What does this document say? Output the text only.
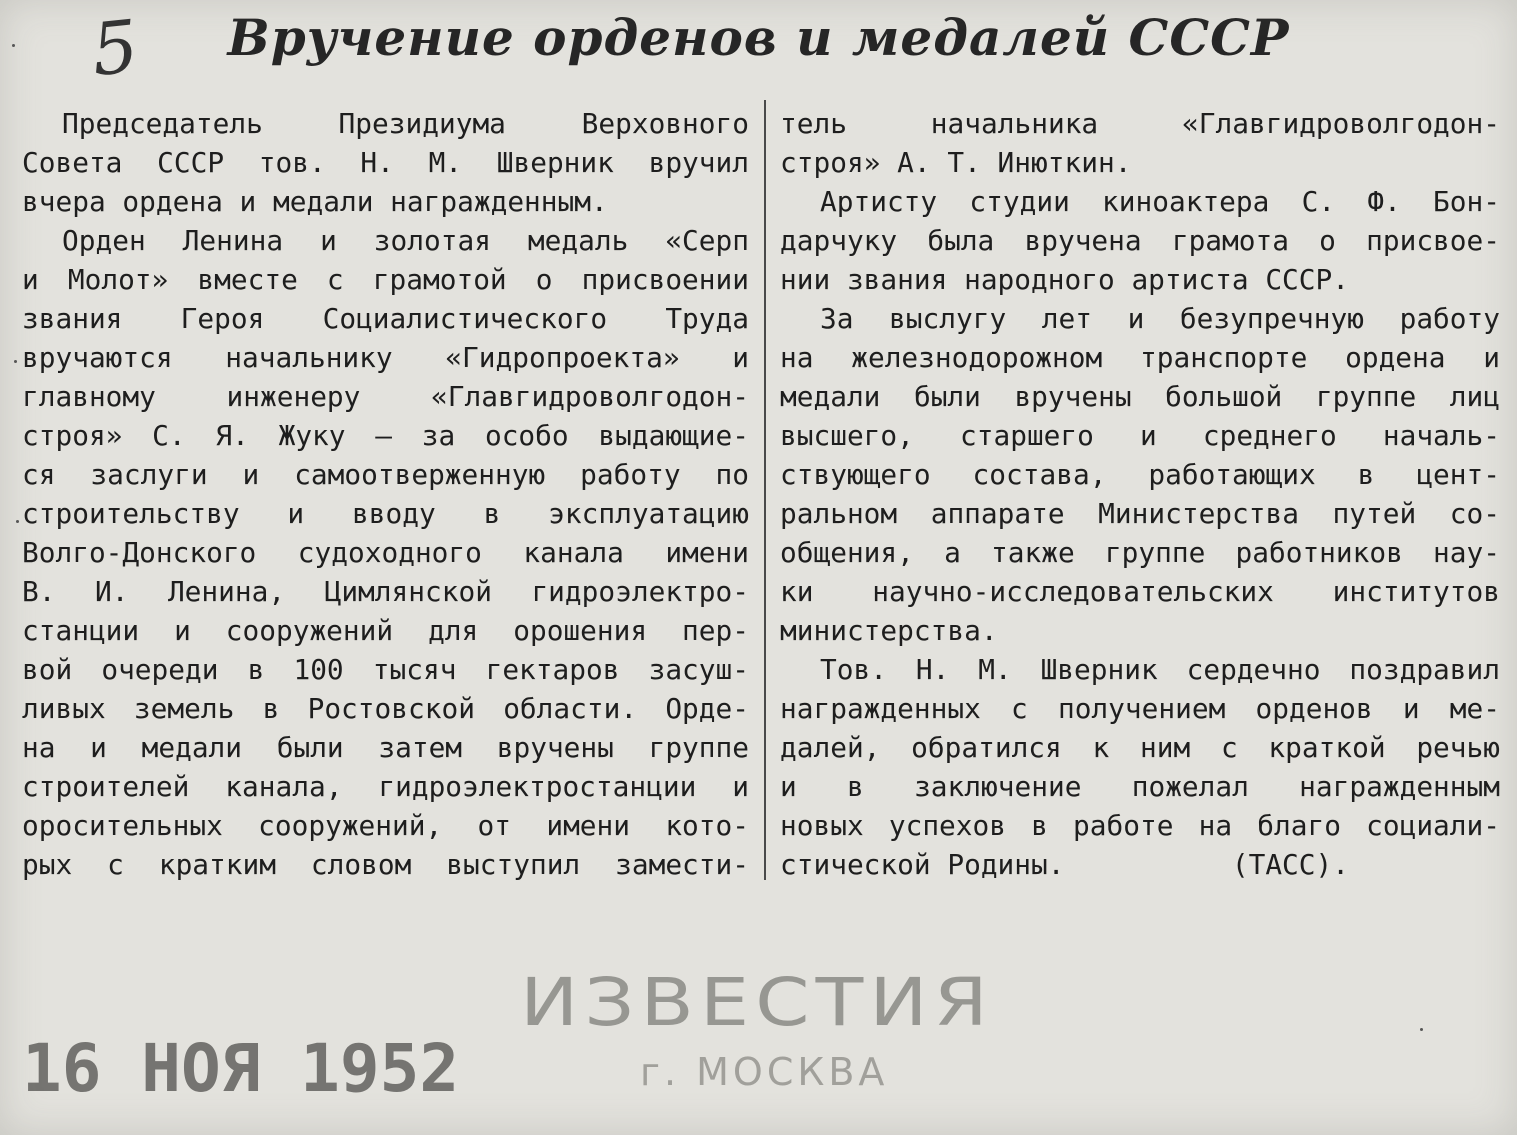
5	Вручение орденов и медалей СССР
Председатель Президиума Верховного
Совета СССР тов. Н. М. Шверник вручил
вчера ордена и медали награжденным.
Орден Ленина и золотая медаль «Серп
и Молот» вместе с грамотой о присвоении
звания Героя Социалистического Труда
вручаются начальнику «Гидропроекта» и
главному инженеру «Главгидроволгодон-
строя» С. Я. Жуку — за особо выдающие-
ся заслуги и самоотверженную работу по
строительству и вводу в эксплуатацию
Волго-Донского судоходного канала имени
В. И. Ленина, Цимлянской гидроэлектро-
станции и сооружений для орошения пер-
вой очереди в 100 тысяч гектаров засуш-
ливых земель в Ростовской области. Орде-
на и медали были затем вручены группе
строителей канала, гидроэлектростанции и
оросительных сооружений, от имени кото-
рых с кратким словом выступил замести-
тель начальника «Главгидроволгодон-
строя» А. Т. Инюткин.
Артисту студии киноактера С. Ф. Бон-
дарчуку была вручена грамота о присвое-
нии звания народного артиста СССР.
За выслугу лет и безупречную работу
на железнодорожном транспорте ордена и
медали были вручены большой группе лиц
высшего, старшего и среднего началь-
ствующего состава, работающих в цент-
ральном аппарате Министерства путей со-
общения, а также группе работников нау-
ки научно-исследовательских институтов
министерства.
Тов. Н. М. Шверник сердечно поздравил
награжденных с получением орденов и ме-
далей, обратился к ним с краткой речью
и в заключение пожелал награжденным
новых успехов в работе на благо социали-
стической Родины.          (ТАСС).
ИЗВЕСТИЯ
г. МОСКВА
16 НОЯ 1952
